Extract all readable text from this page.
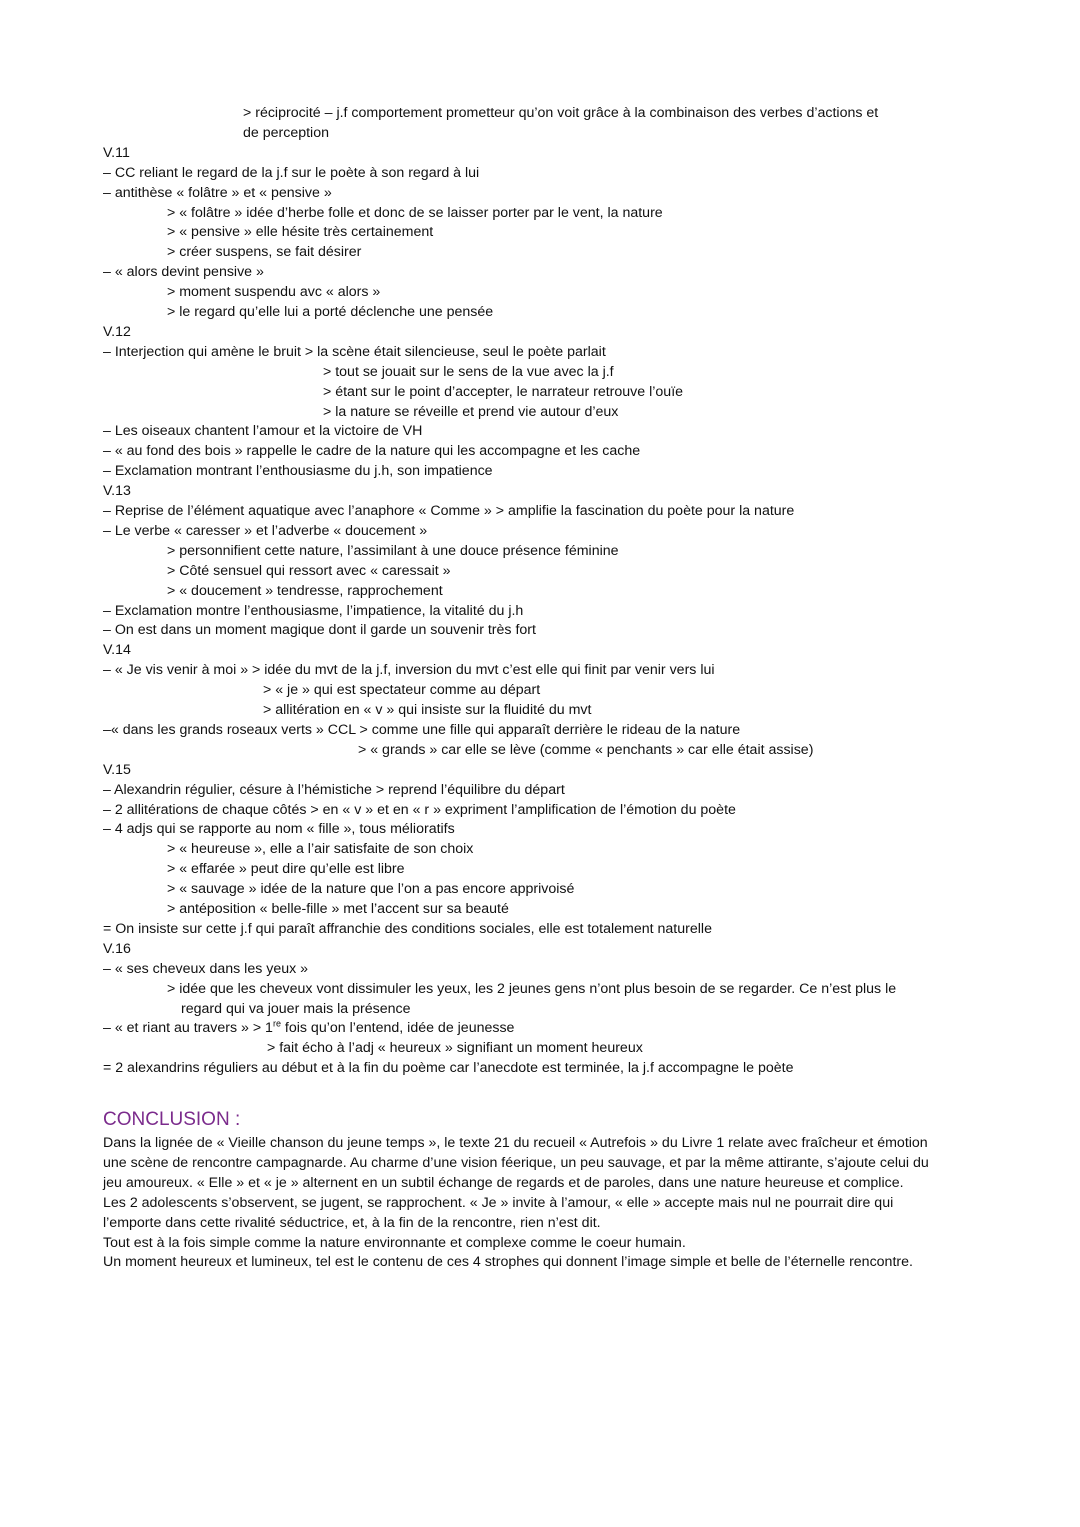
> réciprocité – j.f comportement prometteur qu’on voit grâce à la combinaison des verbes d’actions et
de perception
V.11
– CC reliant le regard de la j.f sur le poète à son regard à lui
– antithèse « folâtre » et « pensive »
> « folâtre » idée d’herbe folle et donc de se laisser porter par le vent, la nature
> « pensive » elle hésite très certainement
> créer suspens, se fait désirer
– « alors devint pensive »
> moment suspendu avc « alors »
> le regard qu’elle lui a porté déclenche une pensée
V.12
– Interjection qui amène le bruit > la scène était silencieuse, seul le poète parlait
> tout se jouait sur le sens de la vue avec la j.f
> étant sur le point d’accepter, le narrateur retrouve l’ouïe
> la nature se réveille et prend vie autour d’eux
– Les oiseaux chantent l’amour et la victoire de VH
– « au fond des bois » rappelle le cadre de la nature qui les accompagne et les cache
– Exclamation montrant l’enthousiasme du j.h, son impatience
V.13
– Reprise de l’élément aquatique avec l’anaphore « Comme » > amplifie la fascination du poète pour la nature
– Le verbe « caresser » et l’adverbe « doucement »
> personnifient cette nature, l’assimilant à une douce présence féminine
> Côté sensuel qui ressort avec « caressait »
> « doucement » tendresse, rapprochement
– Exclamation montre l’enthousiasme, l’impatience, la vitalité du j.h
– On est dans un moment magique dont il garde un souvenir très fort
V.14
– « Je vis venir à moi » > idée du mvt de la j.f, inversion du mvt c’est elle qui finit par venir vers lui
> « je » qui est spectateur comme au départ
> allitération en « v » qui insiste sur la fluidité du mvt
–« dans les grands roseaux verts » CCL > comme une fille qui apparaît derrière le rideau de la nature
> « grands » car elle se lève (comme « penchants » car elle était assise)
V.15
– Alexandrin régulier, césure à l’hémistiche > reprend l’équilibre du départ
– 2 allitérations de chaque côtés > en « v » et en « r » expriment l’amplification de l’émotion du poète
– 4 adjs qui se rapporte au nom « fille », tous mélioratifs
> « heureuse », elle a l’air satisfaite de son choix
> « effarée » peut dire qu’elle est libre
> « sauvage » idée de la nature que l’on a pas encore apprivoisé
> antéposition « belle-fille » met l’accent sur sa beauté
= On insiste sur cette j.f qui paraît affranchie des conditions sociales, elle est totalement naturelle
V.16
– « ses cheveux dans les yeux »
> idée que les cheveux vont dissimuler les yeux, les 2 jeunes gens n’ont plus besoin de se regarder. Ce n’est plus le
regard qui va jouer mais la présence
– « et riant au travers » > 1re fois qu’on l’entend, idée de jeunesse
> fait écho à l’adj « heureux » signifiant un moment heureux
= 2 alexandrins réguliers au début et à la fin du poème car l’anecdote est terminée, la j.f accompagne le poète
CONCLUSION :
Dans la lignée de « Vieille chanson du jeune temps », le texte 21 du recueil « Autrefois » du Livre 1 relate avec fraîcheur et émotion
une scène de rencontre campagnarde. Au charme d’une vision féerique, un peu sauvage, et par la même attirante, s’ajoute celui du
jeu amoureux. « Elle » et « je » alternent en un subtil échange de regards et de paroles, dans une nature heureuse et complice.
Les 2 adolescents s’observent, se jugent, se rapprochent. « Je » invite à l’amour, « elle » accepte mais nul ne pourrait dire qui
l’emporte dans cette rivalité séductrice, et, à la fin de la rencontre, rien n’est dit.
Tout est à la fois simple comme la nature environnante et complexe comme le coeur humain.
Un moment heureux et lumineux, tel est le contenu de ces 4 strophes qui donnent l’image simple et belle de l’éternelle rencontre.
